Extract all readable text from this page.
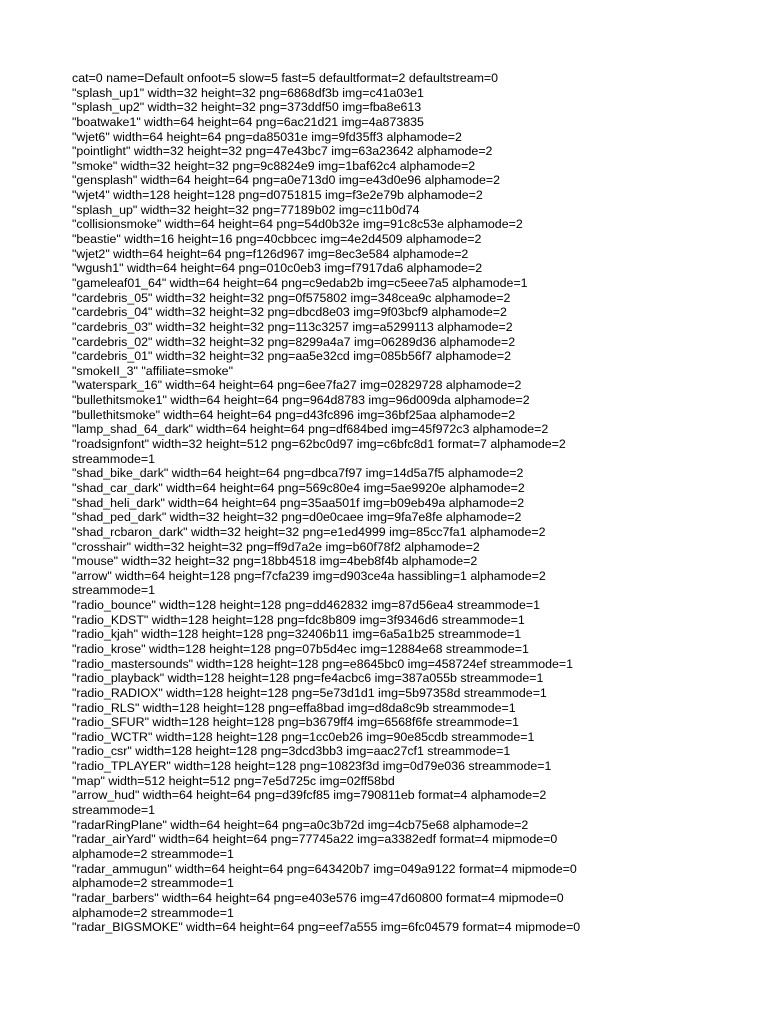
cat=0 name=Default onfoot=5 slow=5 fast=5 defaultformat=2 defaultstream=0
"splash_up1" width=32 height=32 png=6868df3b img=c41a03e1
"splash_up2" width=32 height=32 png=373ddf50 img=fba8e613
"boatwake1" width=64 height=64 png=6ac21d21 img=4a873835
"wjet6" width=64 height=64 png=da85031e img=9fd35ff3 alphamode=2
"pointlight" width=32 height=32 png=47e43bc7 img=63a23642 alphamode=2
"smoke" width=32 height=32 png=9c8824e9 img=1baf62c4 alphamode=2
"gensplash" width=64 height=64 png=a0e713d0 img=e43d0e96 alphamode=2
"wjet4" width=128 height=128 png=d0751815 img=f3e2e79b alphamode=2
"splash_up" width=32 height=32 png=77189b02 img=c11b0d74
"collisionsmoke" width=64 height=64 png=54d0b32e img=91c8c53e alphamode=2
"beastie" width=16 height=16 png=40cbbcec img=4e2d4509 alphamode=2
"wjet2" width=64 height=64 png=f126d967 img=8ec3e584 alphamode=2
"wgush1" width=64 height=64 png=010c0eb3 img=f7917da6 alphamode=2
"gameleaf01_64" width=64 height=64 png=c9edab2b img=c5eee7a5 alphamode=1
"cardebris_05" width=32 height=32 png=0f575802 img=348cea9c alphamode=2
"cardebris_04" width=32 height=32 png=dbcd8e03 img=9f03bcf9 alphamode=2
"cardebris_03" width=32 height=32 png=113c3257 img=a5299113 alphamode=2
"cardebris_02" width=32 height=32 png=8299a4a7 img=06289d36 alphamode=2
"cardebris_01" width=32 height=32 png=aa5e32cd img=085b56f7 alphamode=2
"smokeII_3" "affiliate=smoke"
"waterspark_16" width=64 height=64 png=6ee7fa27 img=02829728 alphamode=2
"bullethitsmoke1" width=64 height=64 png=964d8783 img=96d009da alphamode=2
"bullethitsmoke" width=64 height=64 png=d43fc896 img=36bf25aa alphamode=2
"lamp_shad_64_dark" width=64 height=64 png=df684bed img=45f972c3 alphamode=2
"roadsignfont" width=32 height=512 png=62bc0d97 img=c6bfc8d1 format=7 alphamode=2
streammode=1
"shad_bike_dark" width=64 height=64 png=dbca7f97 img=14d5a7f5 alphamode=2
"shad_car_dark" width=64 height=64 png=569c80e4 img=5ae9920e alphamode=2
"shad_heli_dark" width=64 height=64 png=35aa501f img=b09eb49a alphamode=2
"shad_ped_dark" width=32 height=32 png=d0e0caee img=9fa7e8fe alphamode=2
"shad_rcbaron_dark" width=32 height=32 png=e1ed4999 img=85cc7fa1 alphamode=2
"crosshair" width=32 height=32 png=ff9d7a2e img=b60f78f2 alphamode=2
"mouse" width=32 height=32 png=18bb4518 img=4beb8f4b alphamode=2
"arrow" width=64 height=128 png=f7cfa239 img=d903ce4a hassibling=1 alphamode=2
streammode=1
"radio_bounce" width=128 height=128 png=dd462832 img=87d56ea4 streammode=1
"radio_KDST" width=128 height=128 png=fdc8b809 img=3f9346d6 streammode=1
"radio_kjah" width=128 height=128 png=32406b11 img=6a5a1b25 streammode=1
"radio_krose" width=128 height=128 png=07b5d4ec img=12884e68 streammode=1
"radio_mastersounds" width=128 height=128 png=e8645bc0 img=458724ef streammode=1
"radio_playback" width=128 height=128 png=fe4acbc6 img=387a055b streammode=1
"radio_RADIOX" width=128 height=128 png=5e73d1d1 img=5b97358d streammode=1
"radio_RLS" width=128 height=128 png=effa8bad img=d8da8c9b streammode=1
"radio_SFUR" width=128 height=128 png=b3679ff4 img=6568f6fe streammode=1
"radio_WCTR" width=128 height=128 png=1cc0eb26 img=90e85cdb streammode=1
"radio_csr" width=128 height=128 png=3dcd3bb3 img=aac27cf1 streammode=1
"radio_TPLAYER" width=128 height=128 png=10823f3d img=0d79e036 streammode=1
"map" width=512 height=512 png=7e5d725c img=02ff58bd
"arrow_hud" width=64 height=64 png=d39fcf85 img=790811eb format=4 alphamode=2
streammode=1
"radarRingPlane" width=64 height=64 png=a0c3b72d img=4cb75e68 alphamode=2
"radar_airYard" width=64 height=64 png=77745a22 img=a3382edf format=4 mipmode=0
alphamode=2 streammode=1
"radar_ammugun" width=64 height=64 png=643420b7 img=049a9122 format=4 mipmode=0
alphamode=2 streammode=1
"radar_barbers" width=64 height=64 png=e403e576 img=47d60800 format=4 mipmode=0
alphamode=2 streammode=1
"radar_BIGSMOKE" width=64 height=64 png=eef7a555 img=6fc04579 format=4 mipmode=0
